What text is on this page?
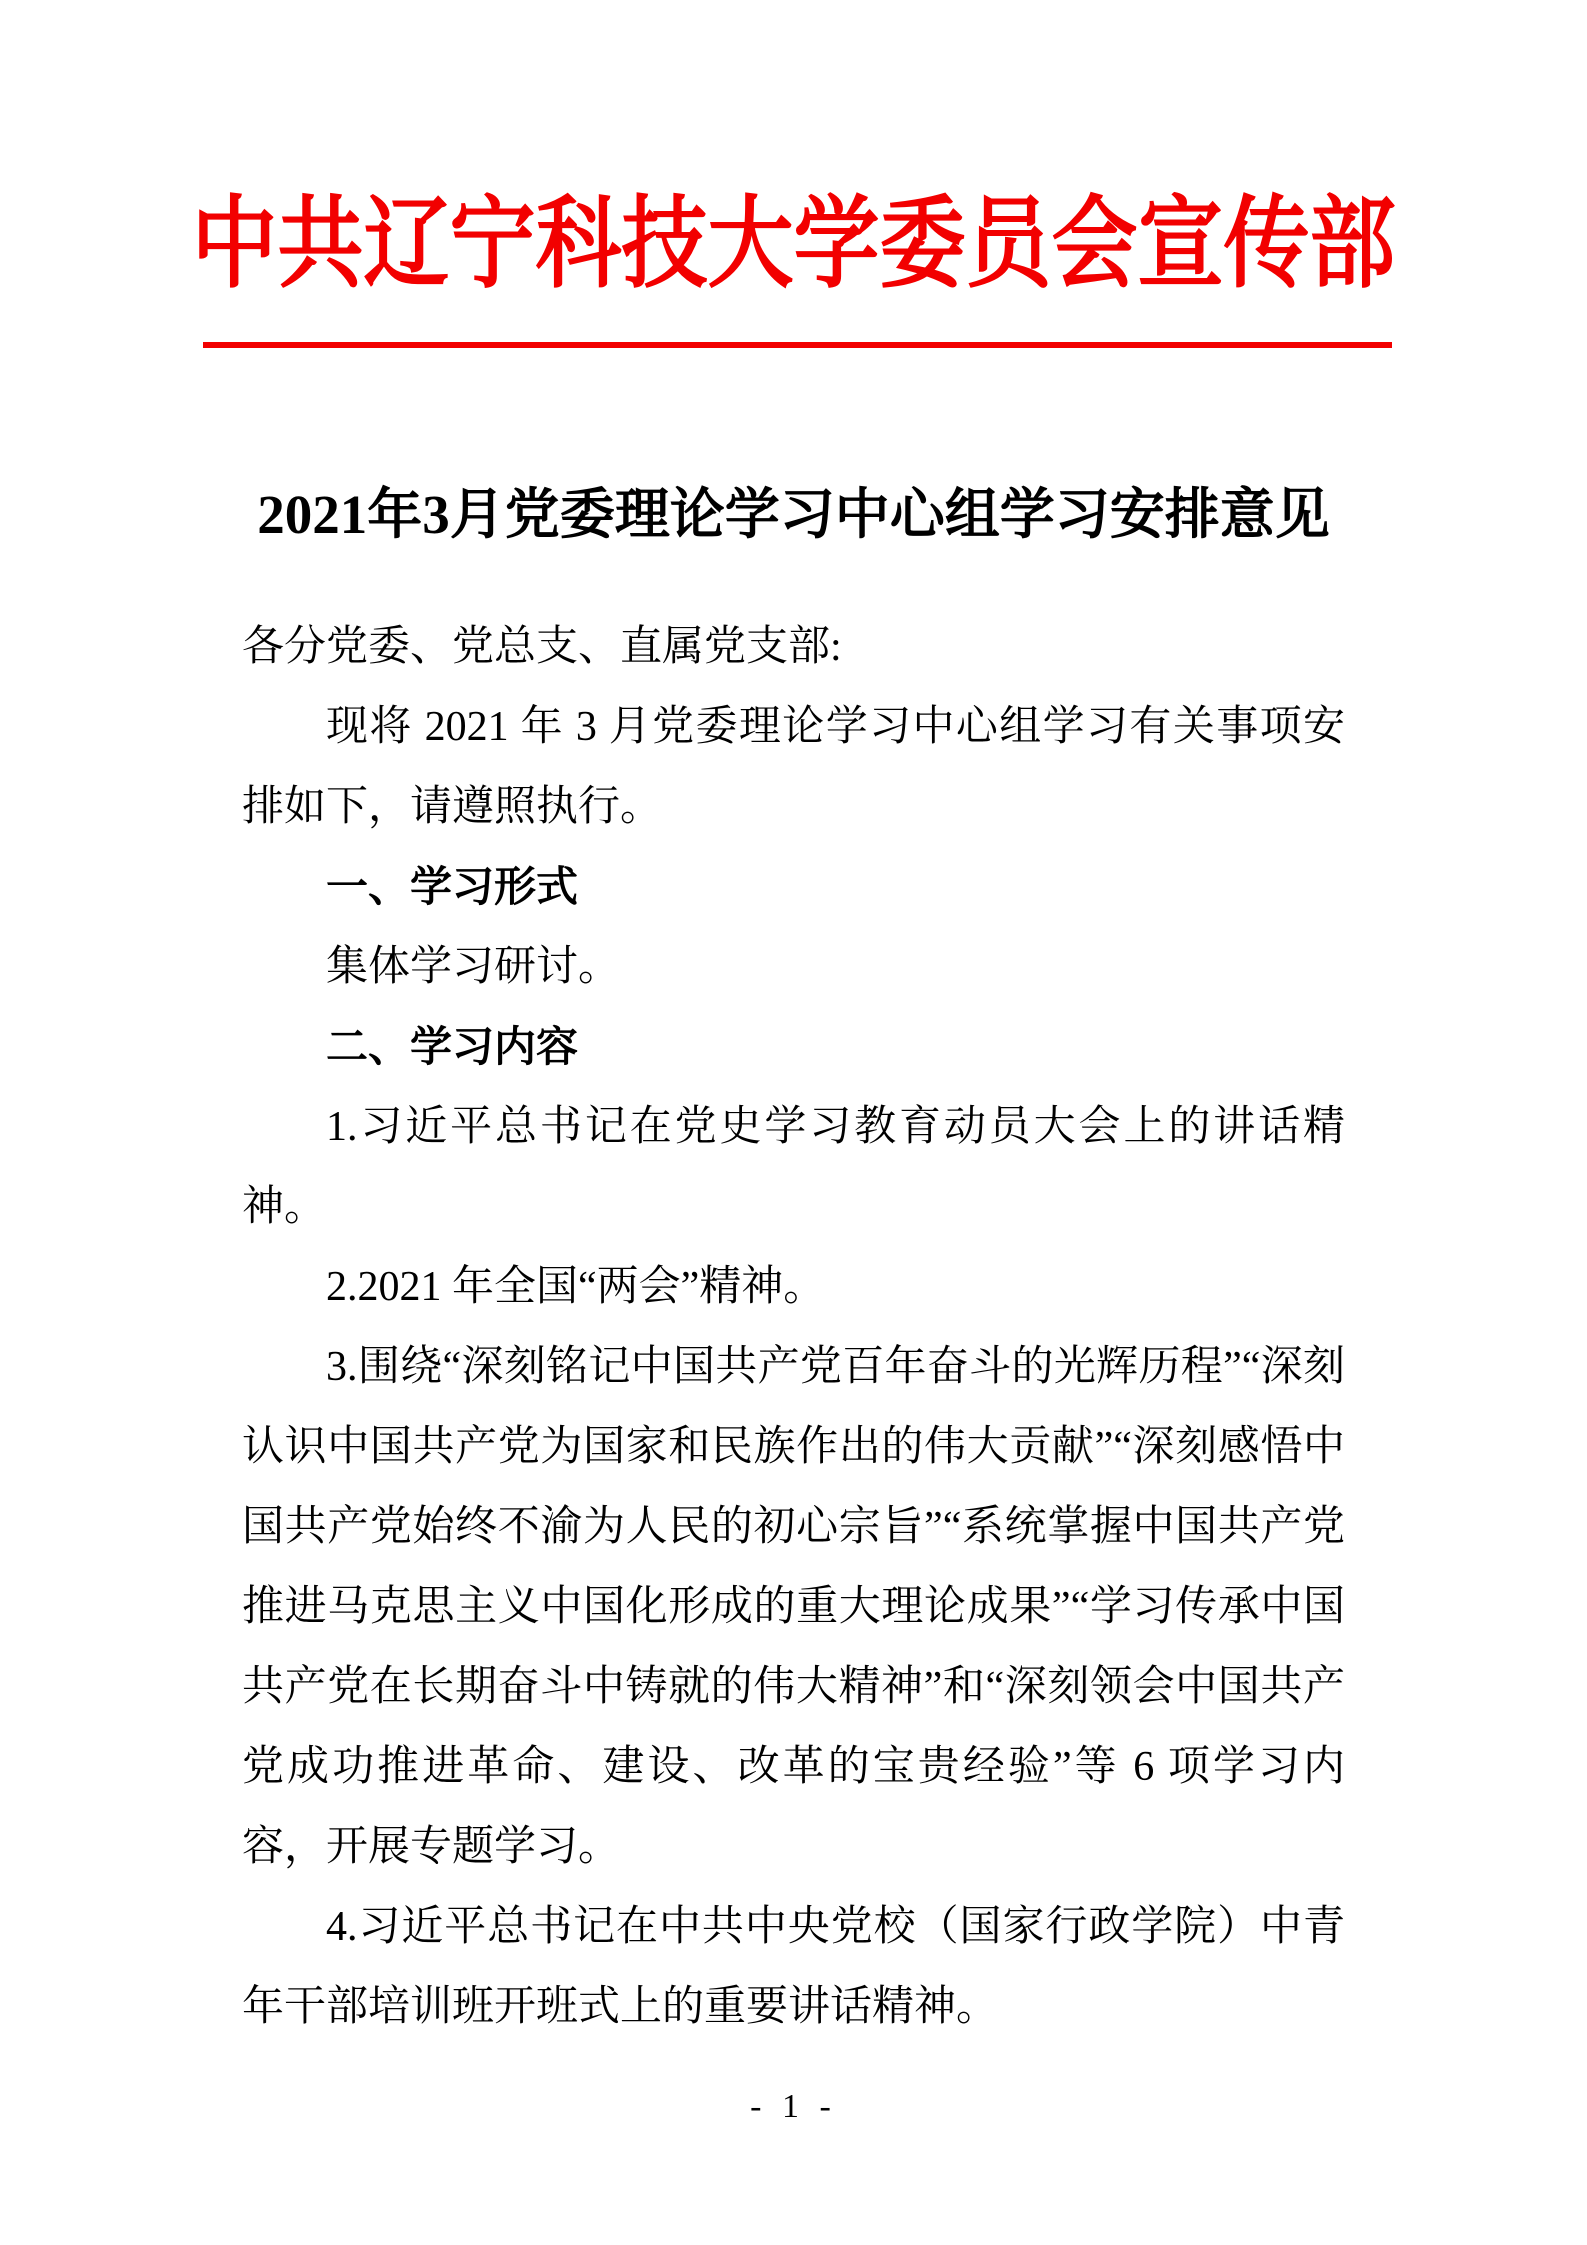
中共辽宁科技大学委员会宣传部
2021年3月党委理论学习中心组学习安排意见

各分党委、党总支、直属党支部:

现将 2021 年 3 月党委理论学习中心组学习有关事项安排如下，请遵照执行。

一、学习形式

集体学习研讨。

二、学习内容

1.习近平总书记在党史学习教育动员大会上的讲话精神。

2.2021 年全国“两会”精神。

3.围绕“深刻铭记中国共产党百年奋斗的光辉历程”“深刻认识中国共产党为国家和民族作出的伟大贡献”“深刻感悟中国共产党始终不渝为人民的初心宗旨”“系统掌握中国共产党推进马克思主义中国化形成的重大理论成果”“学习传承中国共产党在长期奋斗中铸就的伟大精神”和“深刻领会中国共产党成功推进革命、建设、改革的宝贵经验”等 6 项学习内容，开展专题学习。

4.习近平总书记在中共中央党校（国家行政学院）中青年干部培训班开班式上的重要讲话精神。

- 1 -
